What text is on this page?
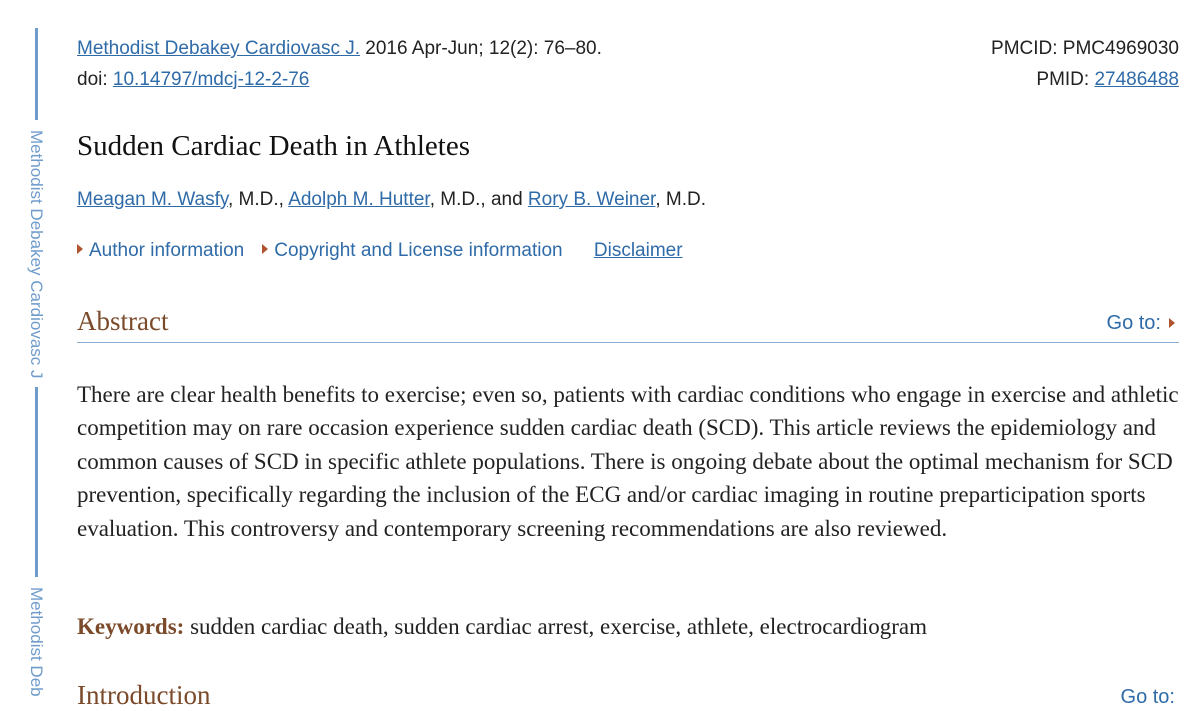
Methodist Debakey Cardiovasc J
Methodist Deb
Methodist Debakey Cardiovasc J. 2016 Apr-Jun; 12(2): 76–80.
doi: 10.14797/mdcj-12-2-76
PMCID: PMC4969030
PMID: 27486488
Sudden Cardiac Death in Athletes
Meagan M. Wasfy, M.D., Adolph M. Hutter, M.D., and Rory B. Weiner, M.D.
Author information Copyright and License information Disclaimer
Abstract	Go to:

There are clear health benefits to exercise; even so, patients with cardiac conditions who engage in exercise and athletic competition may on rare occasion experience sudden cardiac death (SCD). This article reviews the epidemiology and common causes of SCD in specific athlete populations. There is ongoing debate about the optimal mechanism for SCD prevention, specifically regarding the inclusion of the ECG and/or cardiac imaging in routine preparticipation sports evaluation. This controversy and contemporary screening recommendations are also reviewed.

Keywords: sudden cardiac death, sudden cardiac arrest, exercise, athlete, electrocardiogram

Introduction	Go to:
